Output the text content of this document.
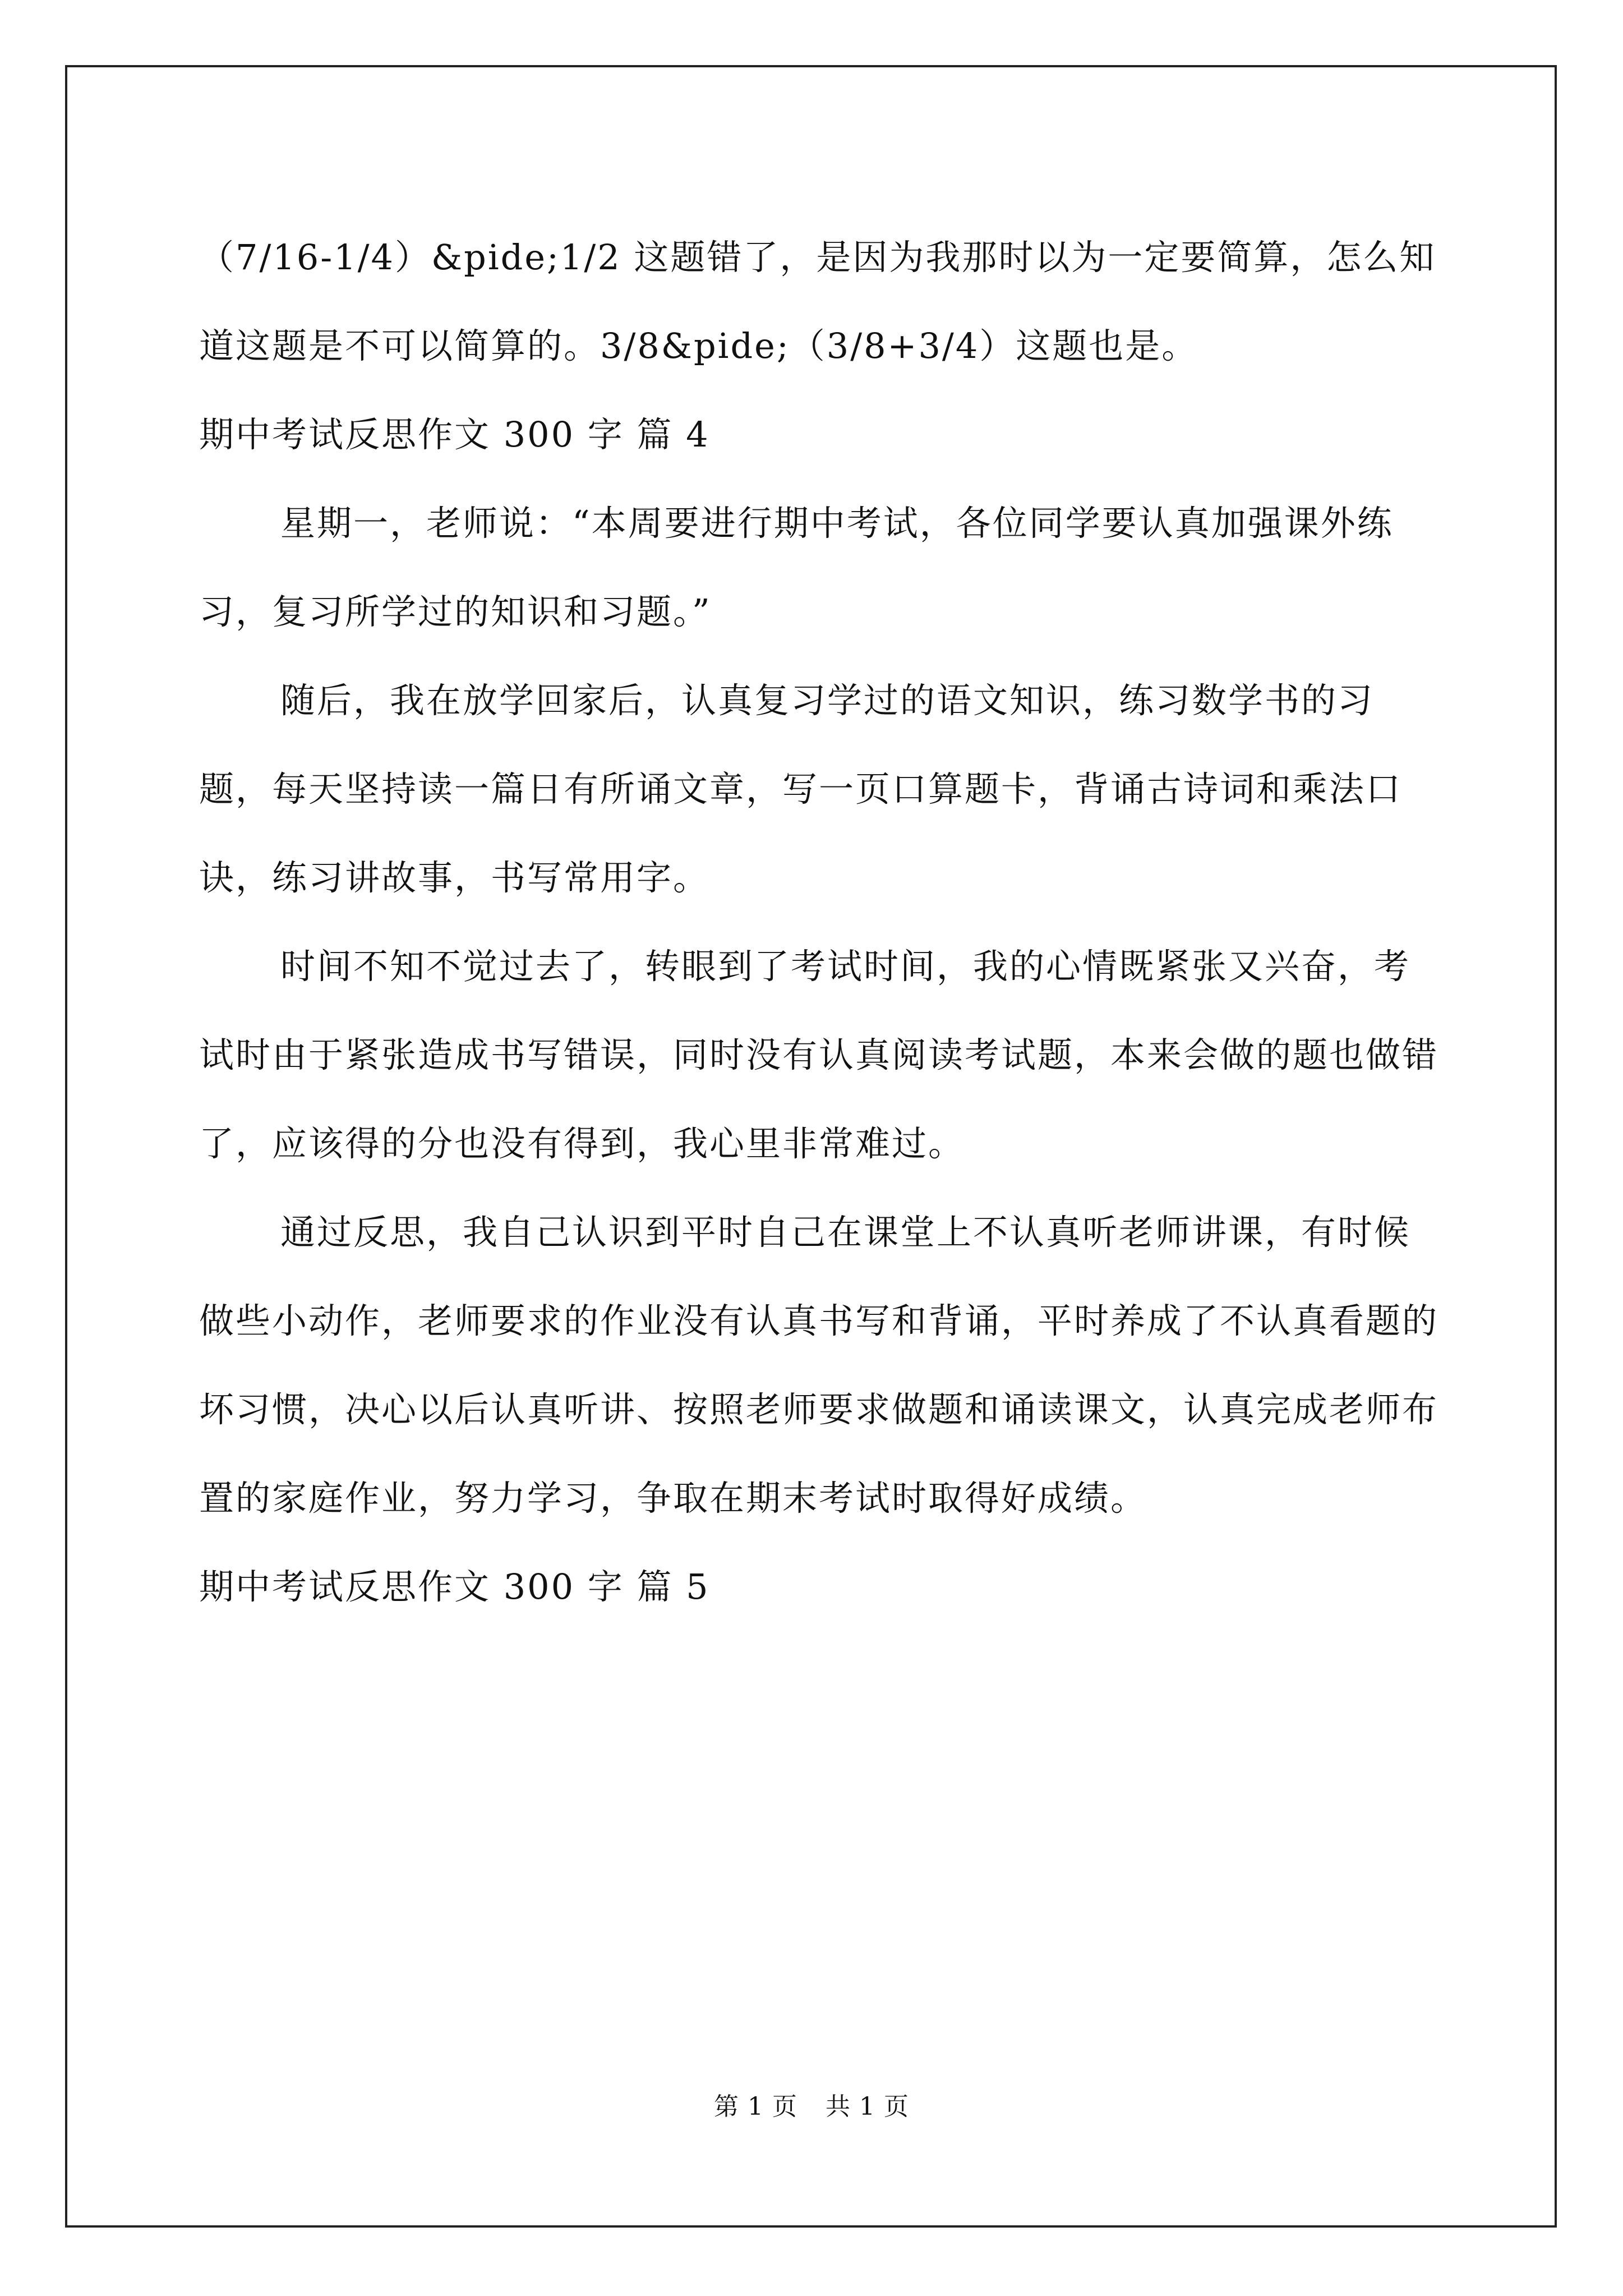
（7/16-1/4）&pide;1/2 这题错了，是因为我那时以为一定要简算，怎么知道这题是不可以简算的。3/8&pide;（3/8+3/4）这题也是。

期中考试反思作文 300 字 篇 4

星期一，老师说：“本周要进行期中考试，各位同学要认真加强课外练习，复习所学过的知识和习题。”

随后，我在放学回家后，认真复习学过的语文知识，练习数学书的习题，每天坚持读一篇日有所诵文章，写一页口算题卡，背诵古诗词和乘法口诀，练习讲故事，书写常用字。

时间不知不觉过去了，转眼到了考试时间，我的心情既紧张又兴奋，考试时由于紧张造成书写错误，同时没有认真阅读考试题，本来会做的题也做错了，应该得的分也没有得到，我心里非常难过。

通过反思，我自己认识到平时自己在课堂上不认真听老师讲课，有时候做些小动作，老师要求的作业没有认真书写和背诵，平时养成了不认真看题的坏习惯，决心以后认真听讲、按照老师要求做题和诵读课文，认真完成老师布置的家庭作业，努力学习，争取在期末考试时取得好成绩。

期中考试反思作文 300 字 篇 5

第 1 页 共 1 页
